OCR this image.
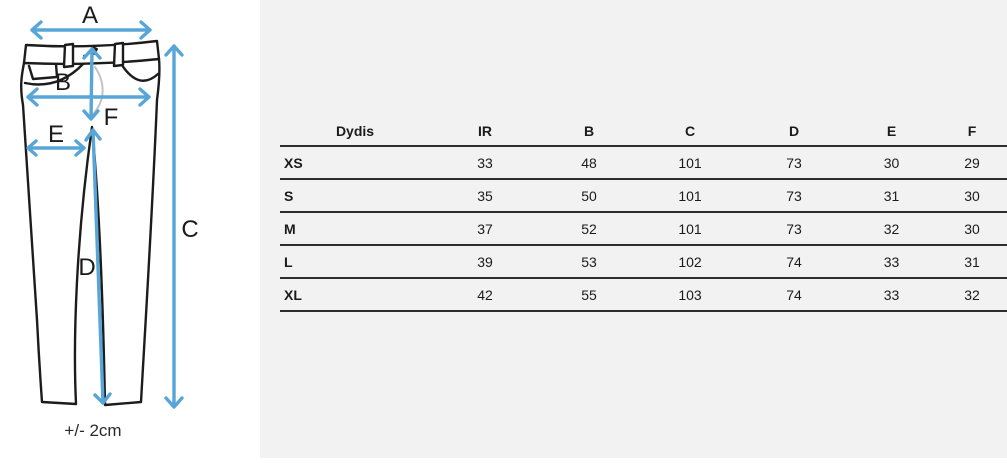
A
B
C
D
E
F
+/- 2cm
Dydis	IR	B	C	D	E	F
XS	33	48	101	73	30	29
S	35	50	101	73	31	30
M	37	52	101	73	32	30
L	39	53	102	74	33	31
XL	42	55	103	74	33	32
